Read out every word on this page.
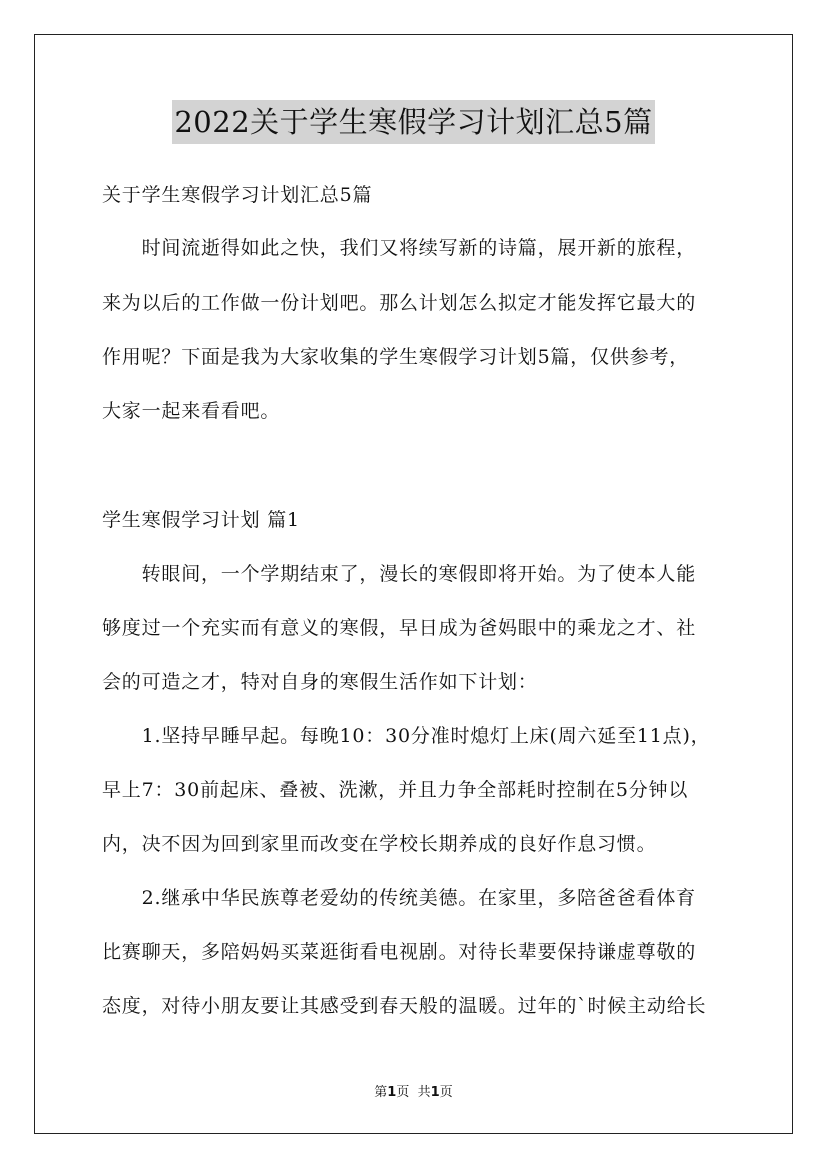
2022关于学生寒假学习计划汇总5篇
关于学生寒假学习计划汇总5篇
　　时间流逝得如此之快，我们又将续写新的诗篇，展开新的旅程，
来为以后的工作做一份计划吧。那么计划怎么拟定才能发挥它最大的
作用呢？下面是我为大家收集的学生寒假学习计划5篇，仅供参考，
大家一起来看看吧。
学生寒假学习计划 篇1
　　转眼间，一个学期结束了，漫长的寒假即将开始。为了使本人能
够度过一个充实而有意义的寒假，早日成为爸妈眼中的乘龙之才、社
会的可造之才，特对自身的寒假生活作如下计划：
　　1.坚持早睡早起。每晚10：30分准时熄灯上床(周六延至11点)，
早上7：30前起床、叠被、洗漱，并且力争全部耗时控制在5分钟以
内，决不因为回到家里而改变在学校长期养成的良好作息习惯。
　　2.继承中华民族尊老爱幼的传统美德。在家里，多陪爸爸看体育
比赛聊天，多陪妈妈买菜逛街看电视剧。对待长辈要保持谦虚尊敬的
态度，对待小朋友要让其感受到春天般的温暖。过年的`时候主动给长
第1页 共1页
